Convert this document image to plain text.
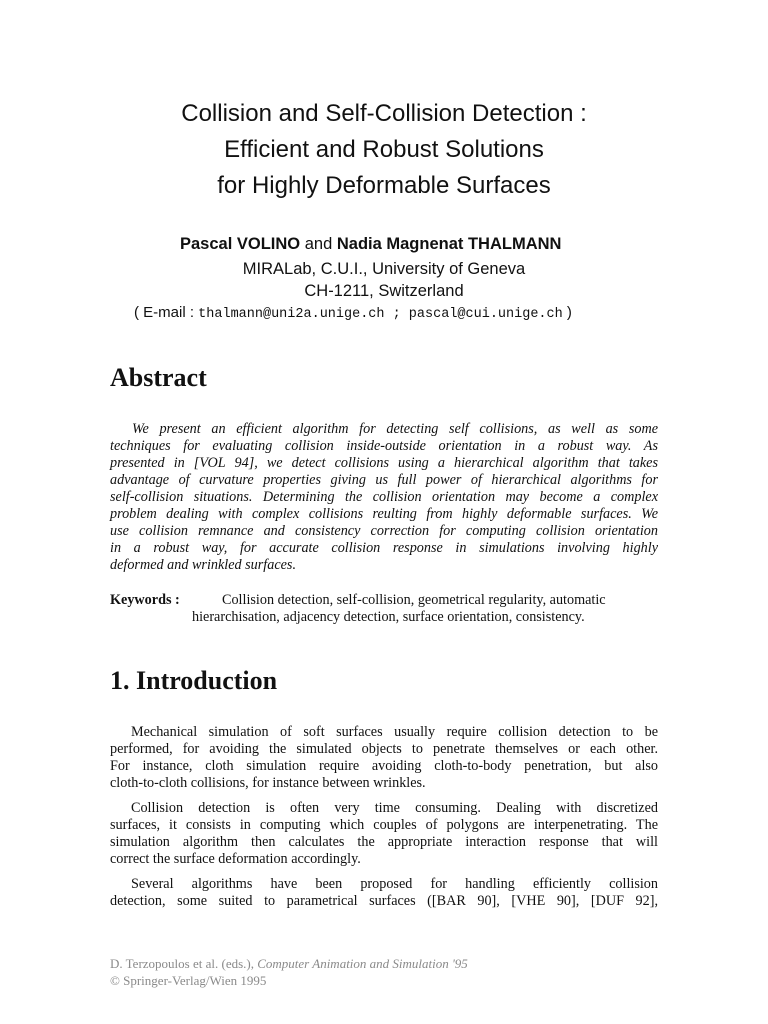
Collision and Self-Collision Detection :
Efficient and Robust Solutions
for Highly Deformable Surfaces
Pascal VOLINO and Nadia Magnenat THALMANN
MIRALab, C.U.I., University of Geneva
CH-1211, Switzerland
( E-mail : thalmann@uni2a.unige.ch ; pascal@cui.unige.ch )
Abstract
We present an efficient algorithm for detecting self collisions, as well as some
techniques for evaluating collision inside-outside orientation in a robust way. As
presented in [VOL 94], we detect collisions using a hierarchical algorithm that takes
advantage of curvature properties giving us full power of hierarchical algorithms for
self-collision situations. Determining the collision orientation may become a complex
problem dealing with complex collisions reulting from highly deformable surfaces. We
use collision remnance and consistency correction for computing collision orientation
in a robust way, for accurate collision response in simulations involving highly
deformed and wrinkled surfaces.
Keywords :	Collision detection, self-collision, geometrical regularity, automatic
hierarchisation, adjacency detection, surface orientation, consistency.
1. Introduction
Mechanical simulation of soft surfaces usually require collision detection to be
performed, for avoiding the simulated objects to penetrate themselves or each other.
For instance, cloth simulation require avoiding cloth-to-body penetration, but also
cloth-to-cloth collisions, for instance between wrinkles.
Collision detection is often very time consuming. Dealing with discretized
surfaces, it consists in computing which couples of polygons are interpenetrating. The
simulation algorithm then calculates the appropriate interaction response that will
correct the surface deformation accordingly.
Several algorithms have been proposed for handling efficiently collision
detection, some suited to parametrical surfaces ([BAR 90], [VHE 90], [DUF 92],
D. Terzopoulos et al. (eds.), Computer Animation and Simulation '95
© Springer-Verlag/Wien 1995
